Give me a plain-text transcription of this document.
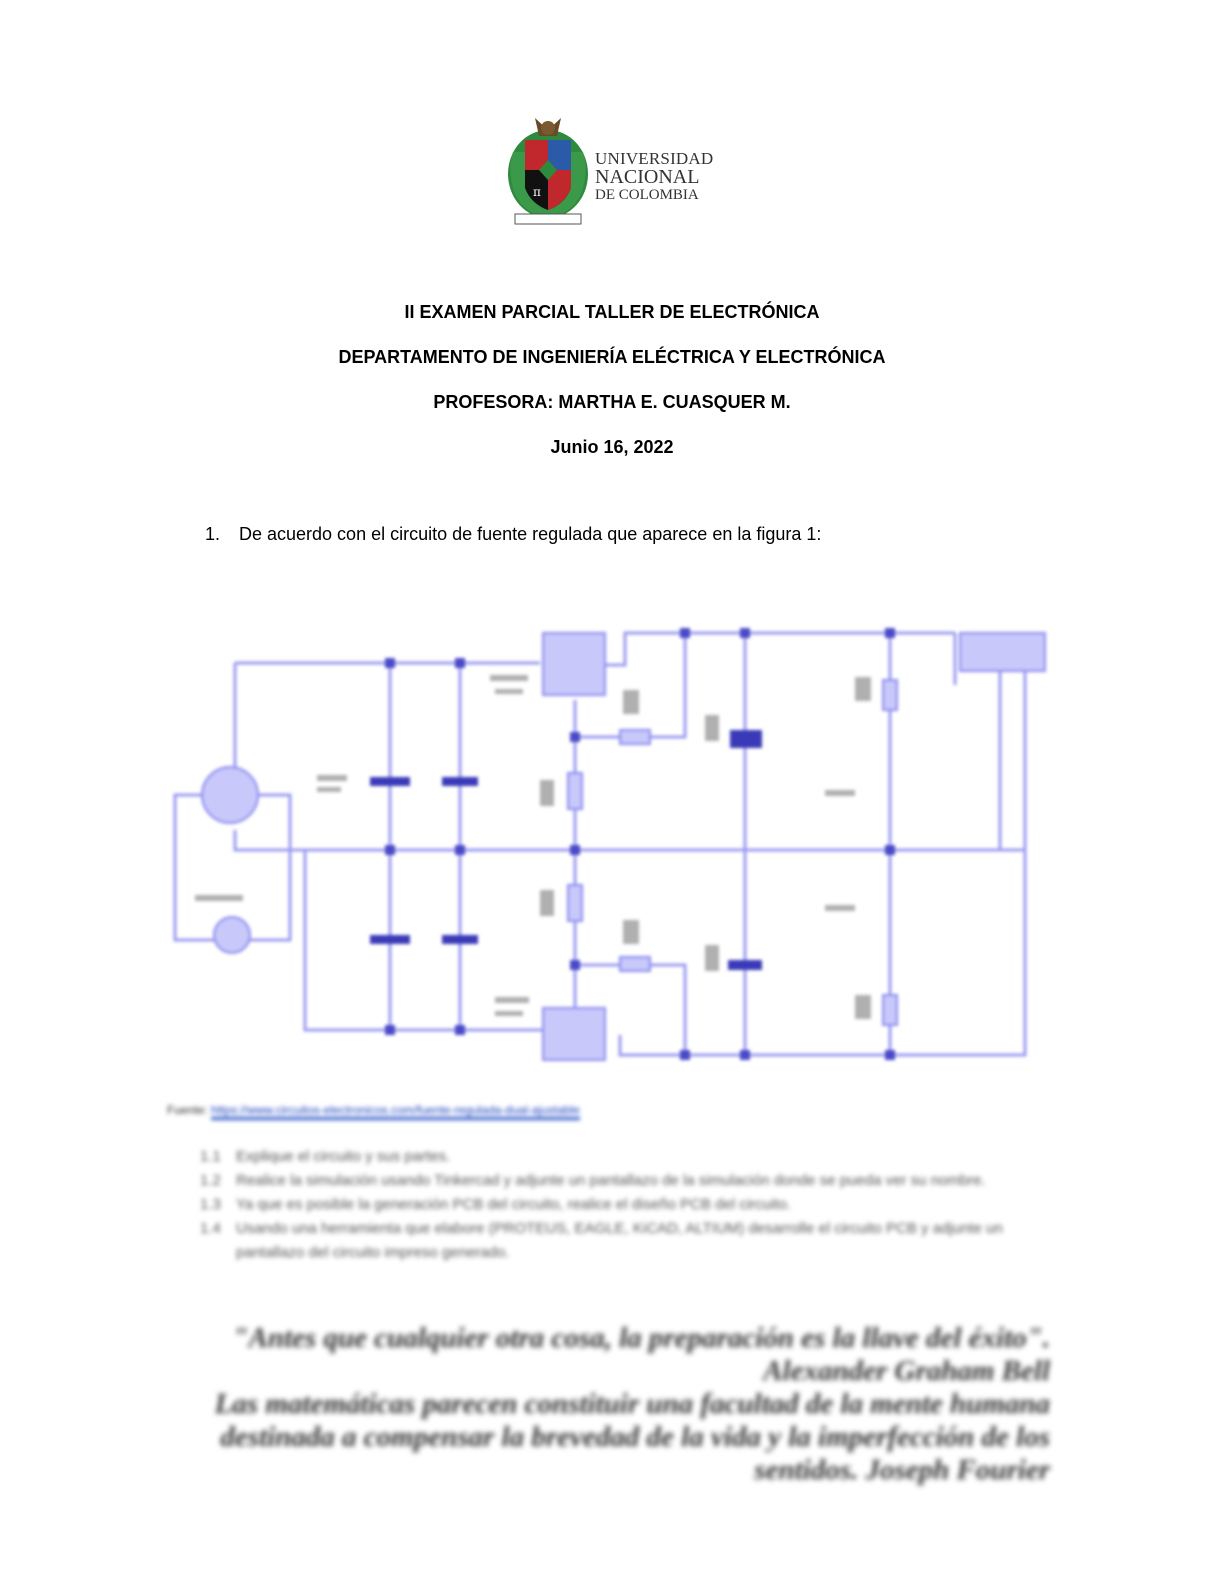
π
UNIVERSIDAD
NACIONAL
DE COLOMBIA
II EXAMEN PARCIAL TALLER DE ELECTRÓNICA
DEPARTAMENTO DE INGENIERÍA ELÉCTRICA Y ELECTRÓNICA
PROFESORA: MARTHA E. CUASQUER M.
Junio 16, 2022
1. De acuerdo con el circuito de fuente regulada que aparece en la figura 1:
Fuente: https://www.circuitos-electronicos.com/fuente-regulada-dual-ajustable
1.1	Explique el circuito y sus partes.
1.2	Realice la simulación usando Tinkercad y adjunte un pantallazo de la simulación donde se pueda ver su nombre.
1.3	Ya que es posible la generación PCB del circuito, realice el diseño PCB del circuito.
1.4	Usando una herramienta que elabore (PROTEUS, EAGLE, KiCAD, ALTIUM) desarrolle el circuito PCB y adjunte un pantallazo del circuito impreso generado.
"Antes que cualquier otra cosa, la preparación es la llave del éxito".
Alexander Graham Bell
Las matemáticas parecen constituir una facultad de la mente humana
destinada a compensar la brevedad de la vida y la imperfección de los
sentidos. Joseph Fourier
